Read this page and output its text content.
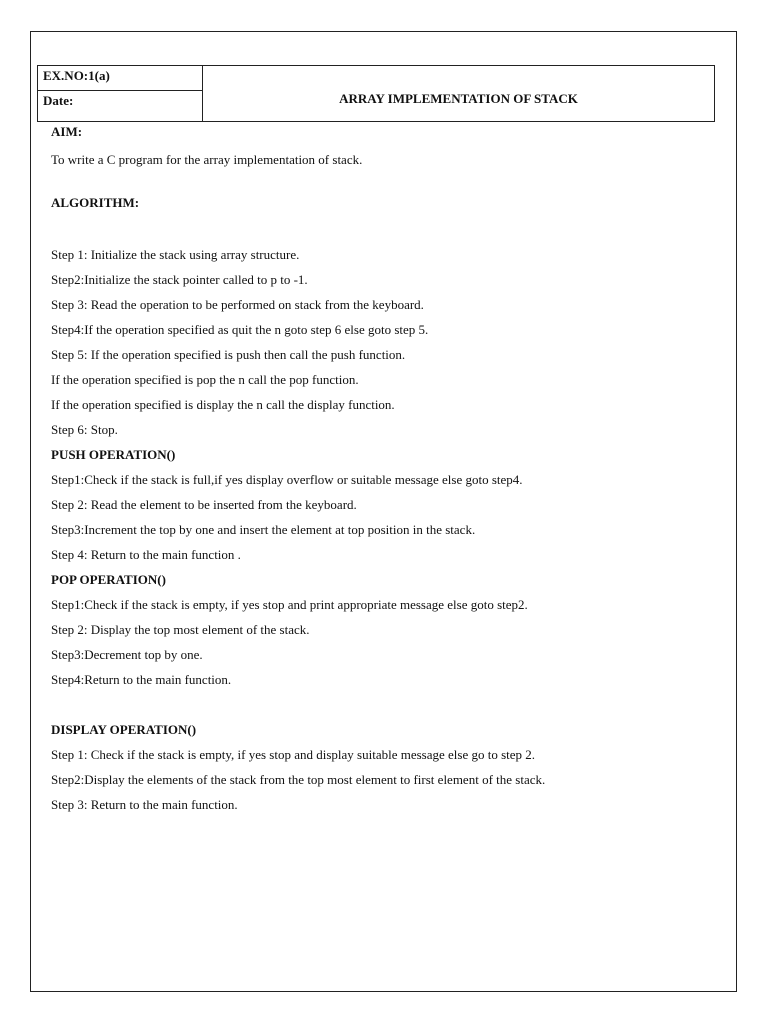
EX.NO:1(a)
Date:	ARRAY IMPLEMENTATION OF STACK
AIM:
To write a C program for the array implementation of stack.
ALGORITHM:
Step 1: Initialize the stack using array structure.
Step2:Initialize the stack pointer called to p to -1.
Step 3: Read the operation to be performed on stack from the keyboard.
Step4:If the operation specified as quit the n goto step 6 else goto step 5.
Step 5: If the operation specified is push then call the push function.
If the operation specified is pop the n call the pop function.
If the operation specified is display the n call the display function.
Step 6: Stop.
PUSH OPERATION()
Step1:Check if the stack is full,if yes display overflow or suitable message else goto step4.
Step 2: Read the element to be inserted from the keyboard.
Step3:Increment the top by one and insert the element at top position in the stack.
Step 4: Return to the main function .
POP OPERATION()
Step1:Check if the stack is empty, if yes stop and print appropriate message else goto step2.
Step 2: Display the top most element of the stack.
Step3:Decrement top by one.
Step4:Return to the main function.
DISPLAY OPERATION()
Step 1: Check if the stack is empty, if yes stop and display suitable message else go to step 2.
Step2:Display the elements of the stack from the top most element to first element of the stack.
Step 3: Return to the main function.
